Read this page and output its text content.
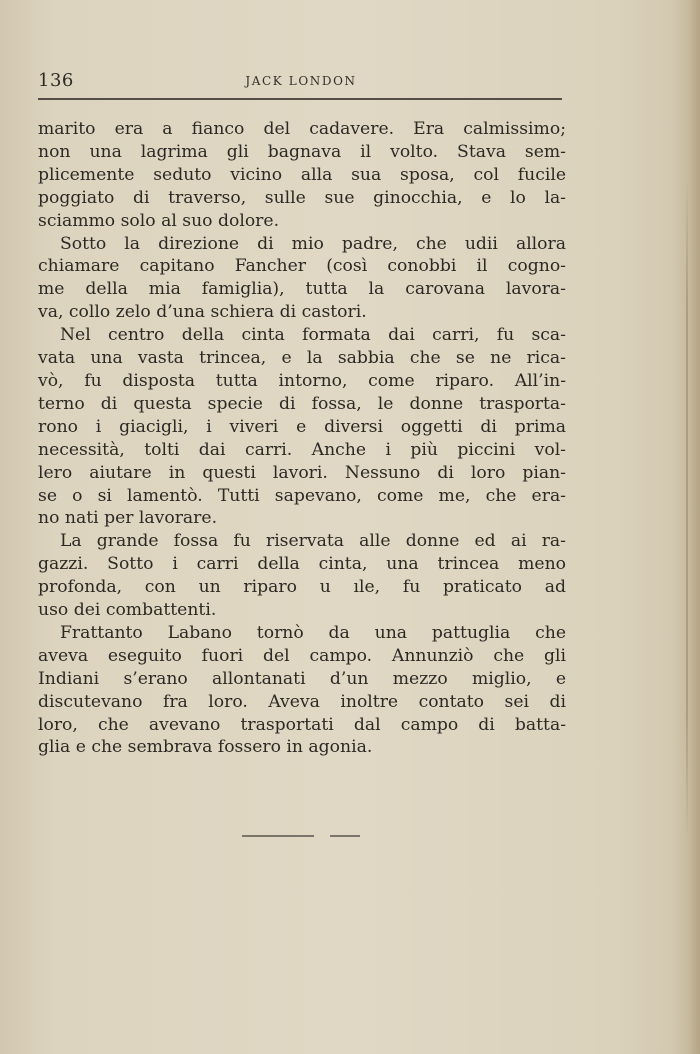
136	JACK LONDON
marito era a fianco del cadavere. Era calmissimo;
non una lagrima gli bagnava il volto. Stava sem-
plicemente seduto vicino alla sua sposa, col fucile
poggiato di traverso, sulle sue ginocchia, e lo la-
sciammo solo al suo dolore.
Sotto la direzione di mio padre, che udii allora
chiamare capitano Fancher (così conobbi il cogno-
me della mia famiglia), tutta la carovana lavora-
va, collo zelo d’una schiera di castori.
Nel centro della cinta formata dai carri, fu sca-
vata una vasta trincea, e la sabbia che se ne rica-
vò, fu disposta tutta intorno, come riparo. All’in-
terno di questa specie di fossa, le donne trasporta-
rono i giacigli, i viveri e diversi oggetti di prima
necessità, tolti dai carri. Anche i più piccini vol-
lero aiutare in questi lavori. Nessuno di loro pian-
se o si lamentò. Tutti sapevano, come me, che era-
no nati per lavorare.
La grande fossa fu riservata alle donne ed ai ra-
gazzi. Sotto i carri della cinta, una trincea meno
profonda, con un riparo u ıle, fu praticato ad
uso dei combattenti.
Frattanto Labano tornò da una pattuglia che
aveva eseguito fuori del campo. Annunziò che gli
Indiani s’erano allontanati d’un mezzo miglio, e
discutevano fra loro. Aveva inoltre contato sei di
loro, che avevano trasportati dal campo di batta-
glia e che sembrava fossero in agonia.
